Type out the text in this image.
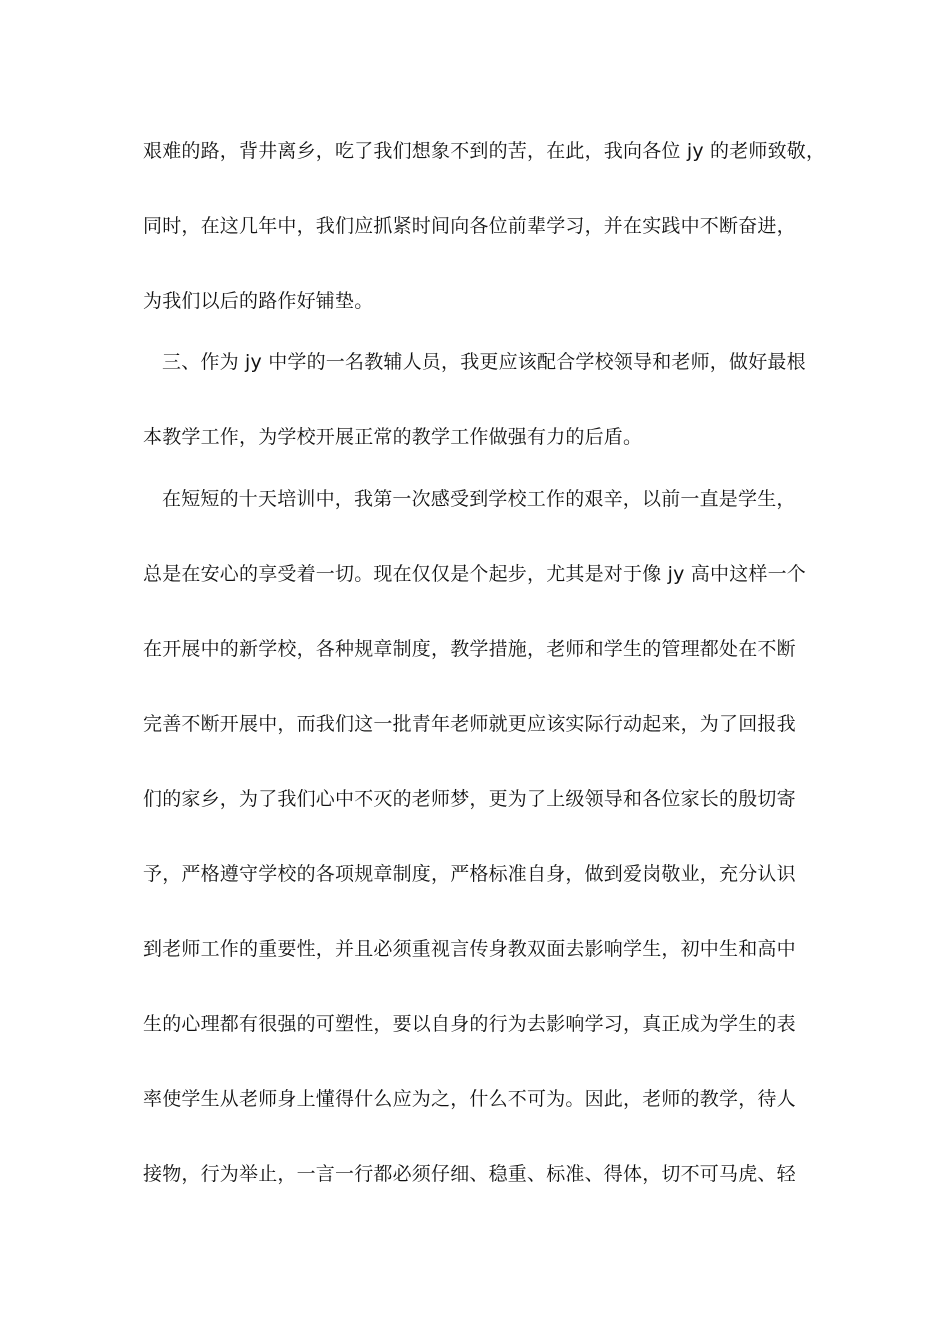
艰难的路，背井离乡，吃了我们想象不到的苦，在此，我向各位 jy 的老师致敬，
同时，在这几年中，我们应抓紧时间向各位前辈学习，并在实践中不断奋进，
为我们以后的路作好铺垫。
三、作为 jy 中学的一名教辅人员，我更应该配合学校领导和老师，做好最根
本教学工作，为学校开展正常的教学工作做强有力的后盾。
在短短的十天培训中，我第一次感受到学校工作的艰辛，以前一直是学生，
总是在安心的享受着一切。现在仅仅是个起步，尤其是对于像 jy 高中这样一个
在开展中的新学校，各种规章制度，教学措施，老师和学生的管理都处在不断
完善不断开展中，而我们这一批青年老师就更应该实际行动起来，为了回报我
们的家乡，为了我们心中不灭的老师梦，更为了上级领导和各位家长的殷切寄
予，严格遵守学校的各项规章制度，严格标准自身，做到爱岗敬业，充分认识
到老师工作的重要性，并且必须重视言传身教双面去影响学生，初中生和高中
生的心理都有很强的可塑性，要以自身的行为去影响学习，真正成为学生的表
率使学生从老师身上懂得什么应为之，什么不可为。因此，老师的教学，待人
接物，行为举止，一言一行都必须仔细、稳重、标准、得体，切不可马虎、轻
